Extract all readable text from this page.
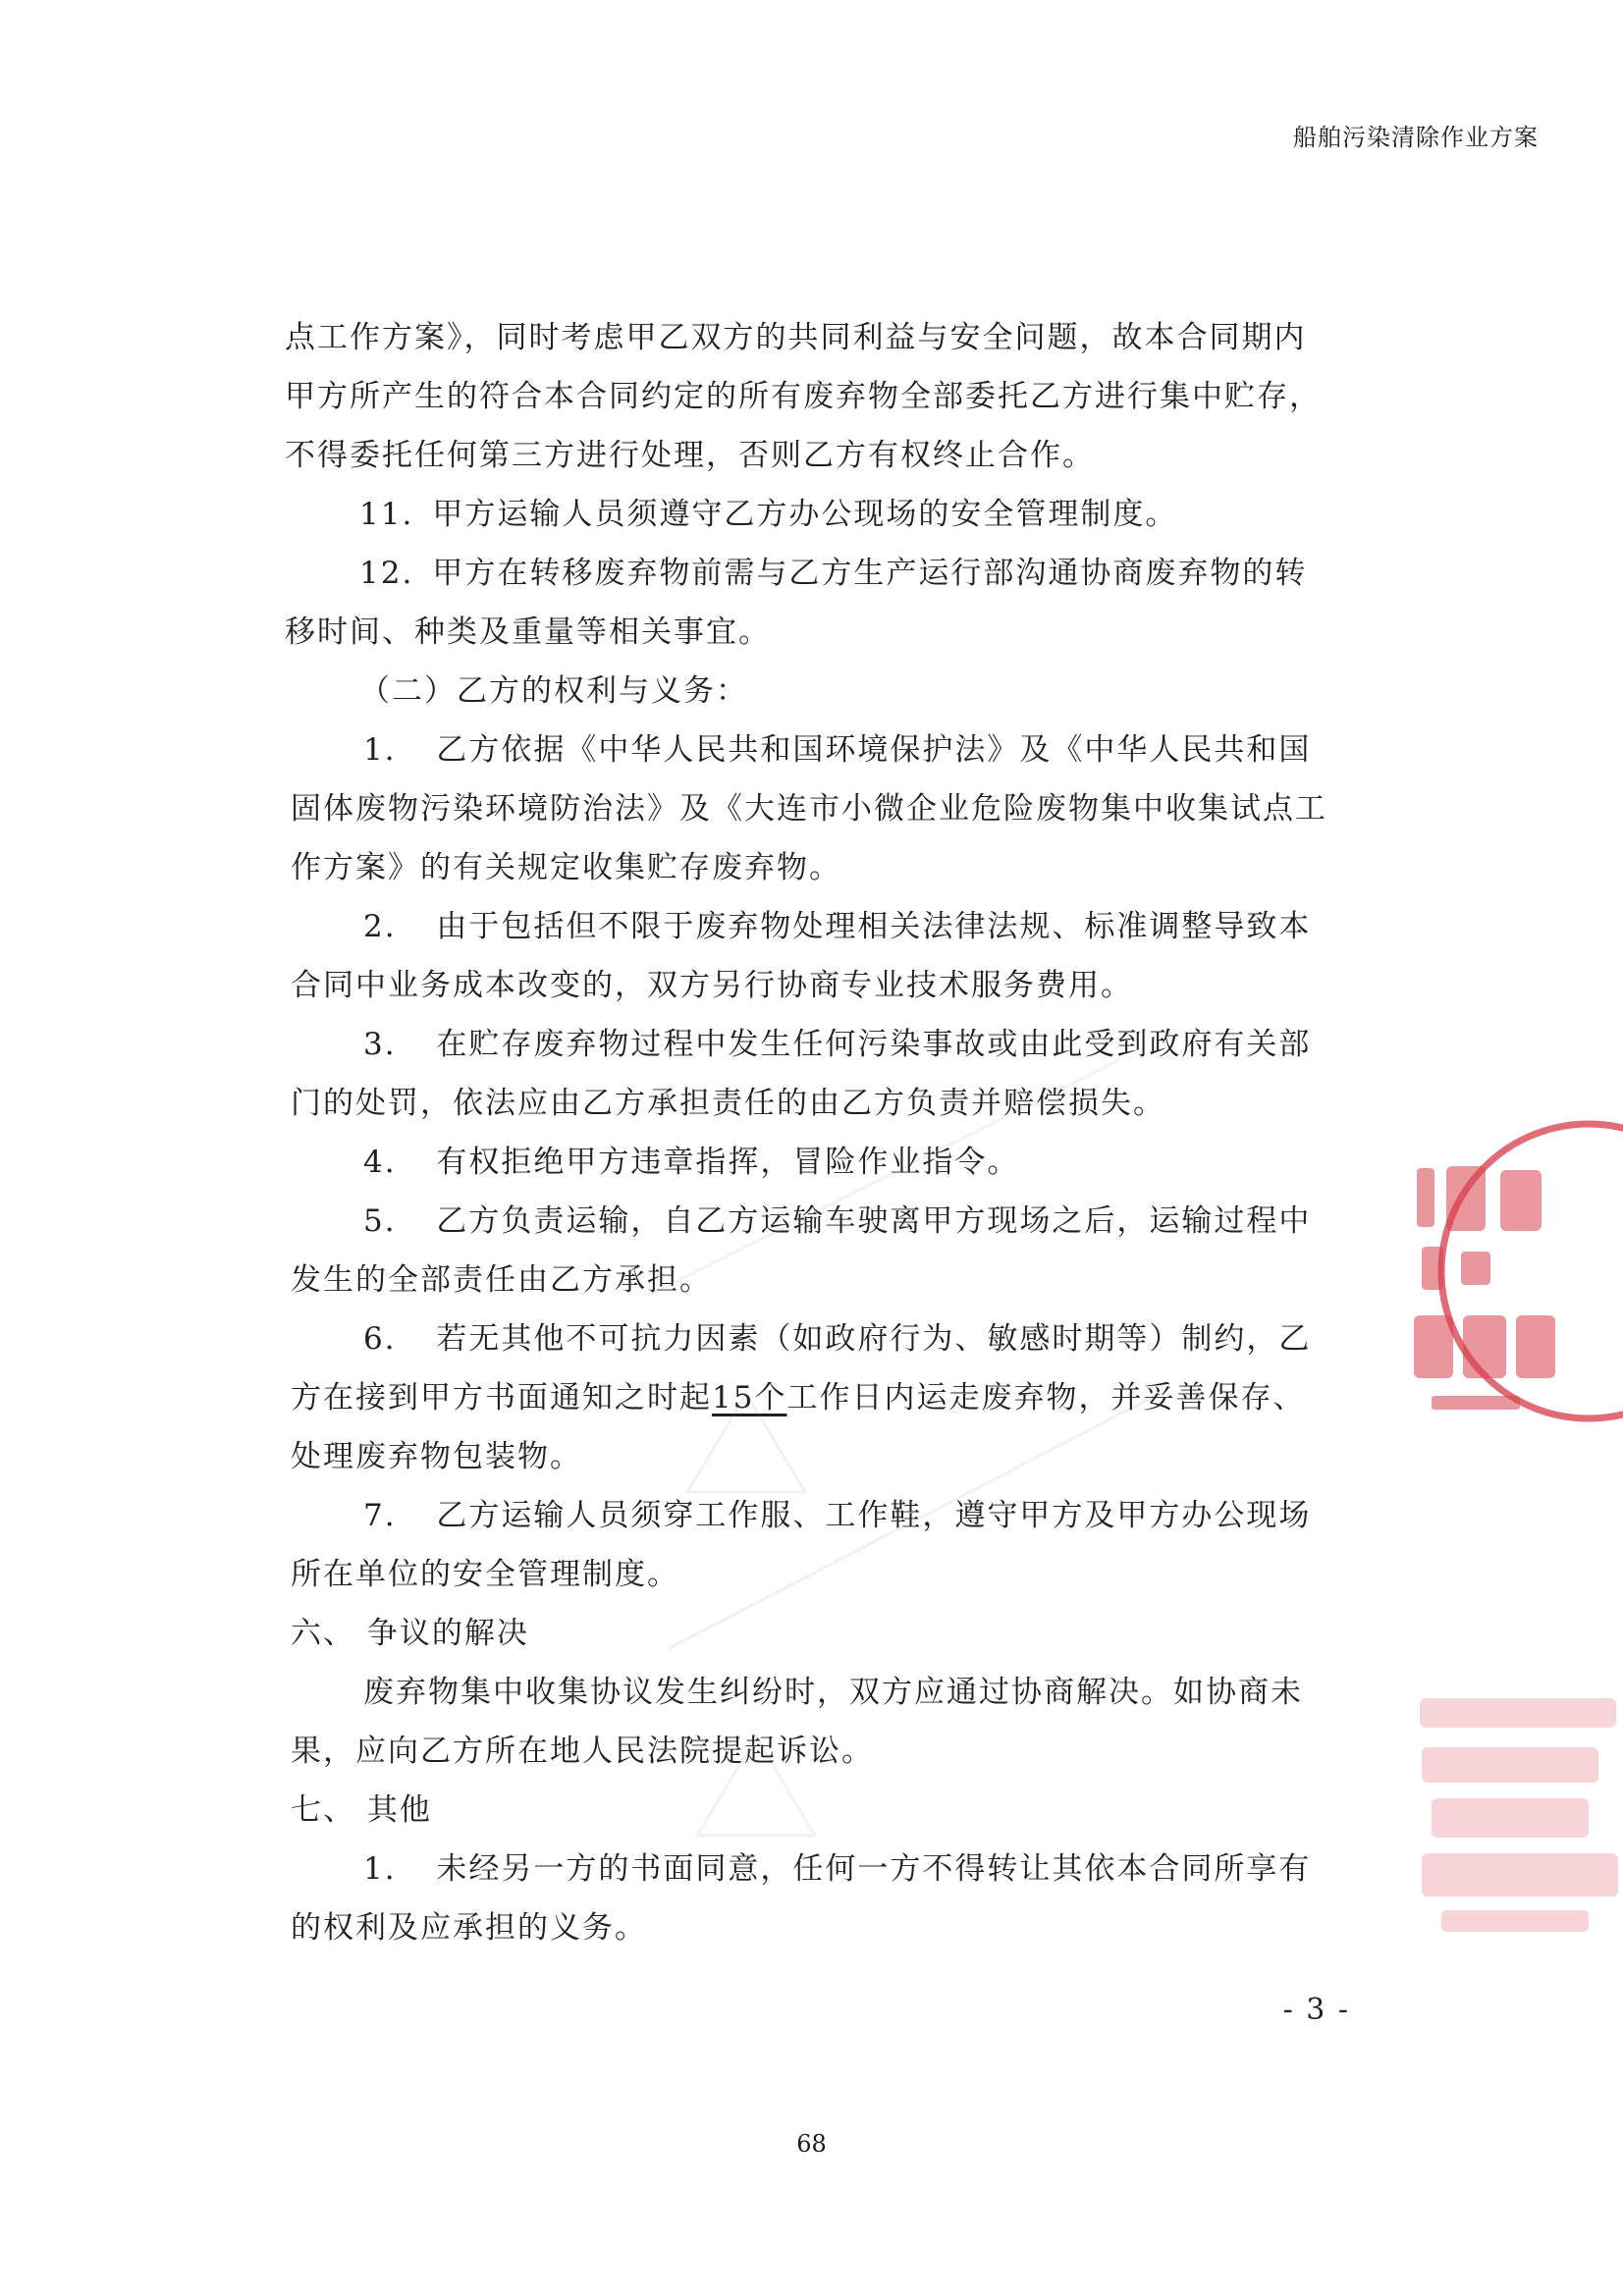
船舶污染清除作业方案
点工作方案》，同时考虑甲乙双方的共同利益与安全问题，故本合同期内
甲方所产生的符合本合同约定的所有废弃物全部委托乙方进行集中贮存，
不得委托任何第三方进行处理，否则乙方有权终止合作。
11. 甲方运输人员须遵守乙方办公现场的安全管理制度。
12. 甲方在转移废弃物前需与乙方生产运行部沟通协商废弃物的转
移时间、种类及重量等相关事宜。
（二）乙方的权利与义务：
1. 乙方依据《中华人民共和国环境保护法》及《中华人民共和国
固体废物污染环境防治法》及《大连市小微企业危险废物集中收集试点工
作方案》的有关规定收集贮存废弃物。
2. 由于包括但不限于废弃物处理相关法律法规、标准调整导致本
合同中业务成本改变的，双方另行协商专业技术服务费用。
3. 在贮存废弃物过程中发生任何污染事故或由此受到政府有关部
门的处罚，依法应由乙方承担责任的由乙方负责并赔偿损失。
4. 有权拒绝甲方违章指挥，冒险作业指令。
5. 乙方负责运输，自乙方运输车驶离甲方现场之后，运输过程中
发生的全部责任由乙方承担。
6. 若无其他不可抗力因素（如政府行为、敏感时期等）制约，乙
方在接到甲方书面通知之时起15个工作日内运走废弃物，并妥善保存、
处理废弃物包装物。
7. 乙方运输人员须穿工作服、工作鞋，遵守甲方及甲方办公现场
所在单位的安全管理制度。
六、 争议的解决
废弃物集中收集协议发生纠纷时，双方应通过协商解决。如协商未
果，应向乙方所在地人民法院提起诉讼。
七、 其他
1. 未经另一方的书面同意，任何一方不得转让其依本合同所享有
的权利及应承担的义务。
- 3 -
68
